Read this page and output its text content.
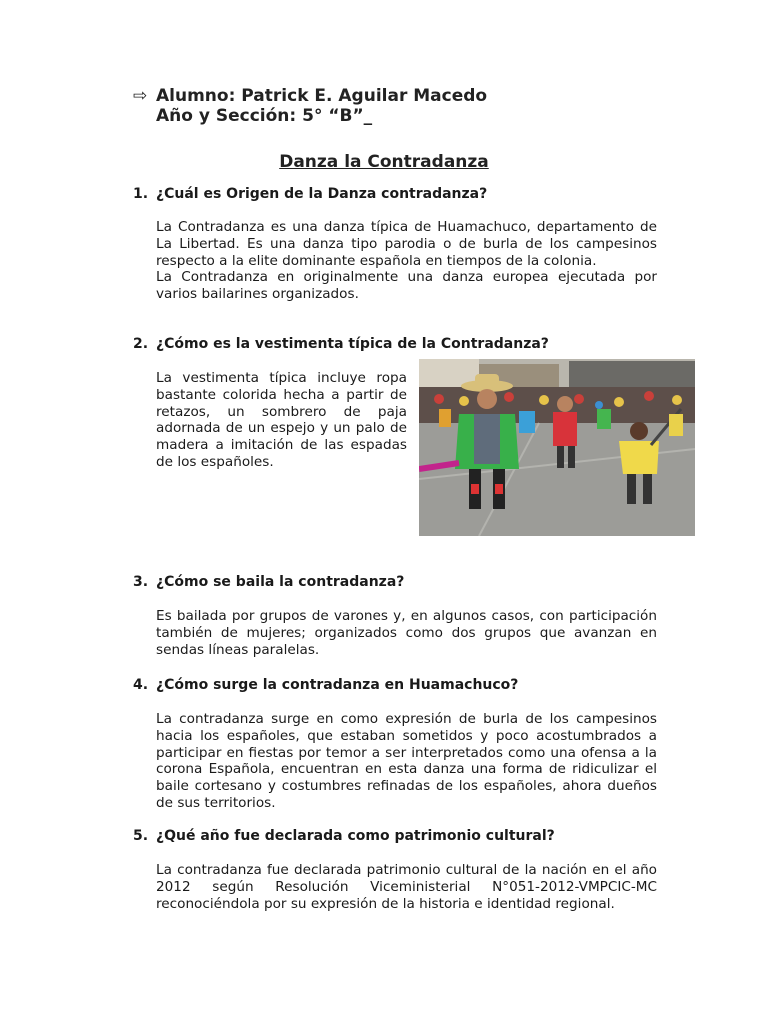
⇨ Alumno: Patrick E. Aguilar Macedo
Año y Sección: 5° “B”_
Danza la Contradanza
1. ¿Cuál es Origen de la Danza contradanza?
La Contradanza es una danza típica de Huamachuco, departamento de La Libertad. Es una danza tipo parodia o de burla de los campesinos respecto a la elite dominante española en tiempos de la colonia.
La Contradanza en originalmente una danza europea ejecutada por varios bailarines organizados.
2. ¿Cómo es la vestimenta típica de la Contradanza?
La vestimenta típica incluye ropa bastante colorida hecha a partir de retazos, un sombrero de paja adornada de un espejo y un palo de madera a imitación de las espadas de los españoles.
3. ¿Cómo se baila la contradanza?
Es bailada por grupos de varones y, en algunos casos, con participación también de mujeres; organizados como dos grupos que avanzan en sendas líneas paralelas.
4. ¿Cómo surge la contradanza en Huamachuco?
La contradanza surge en como expresión de burla de los campesinos hacia los españoles, que estaban sometidos y poco acostumbrados a participar en fiestas por temor a ser interpretados como una ofensa a la corona Española, encuentran en esta danza una forma de ridiculizar el baile cortesano y costumbres refinadas de los españoles, ahora dueños de sus territorios.
5. ¿Qué año fue declarada como patrimonio cultural?
La contradanza fue declarada patrimonio cultural de la nación en el año 2012 según Resolución Viceministerial N°051-2012-VMPCIC-MC reconociéndola por su expresión de la historia e identidad regional.
